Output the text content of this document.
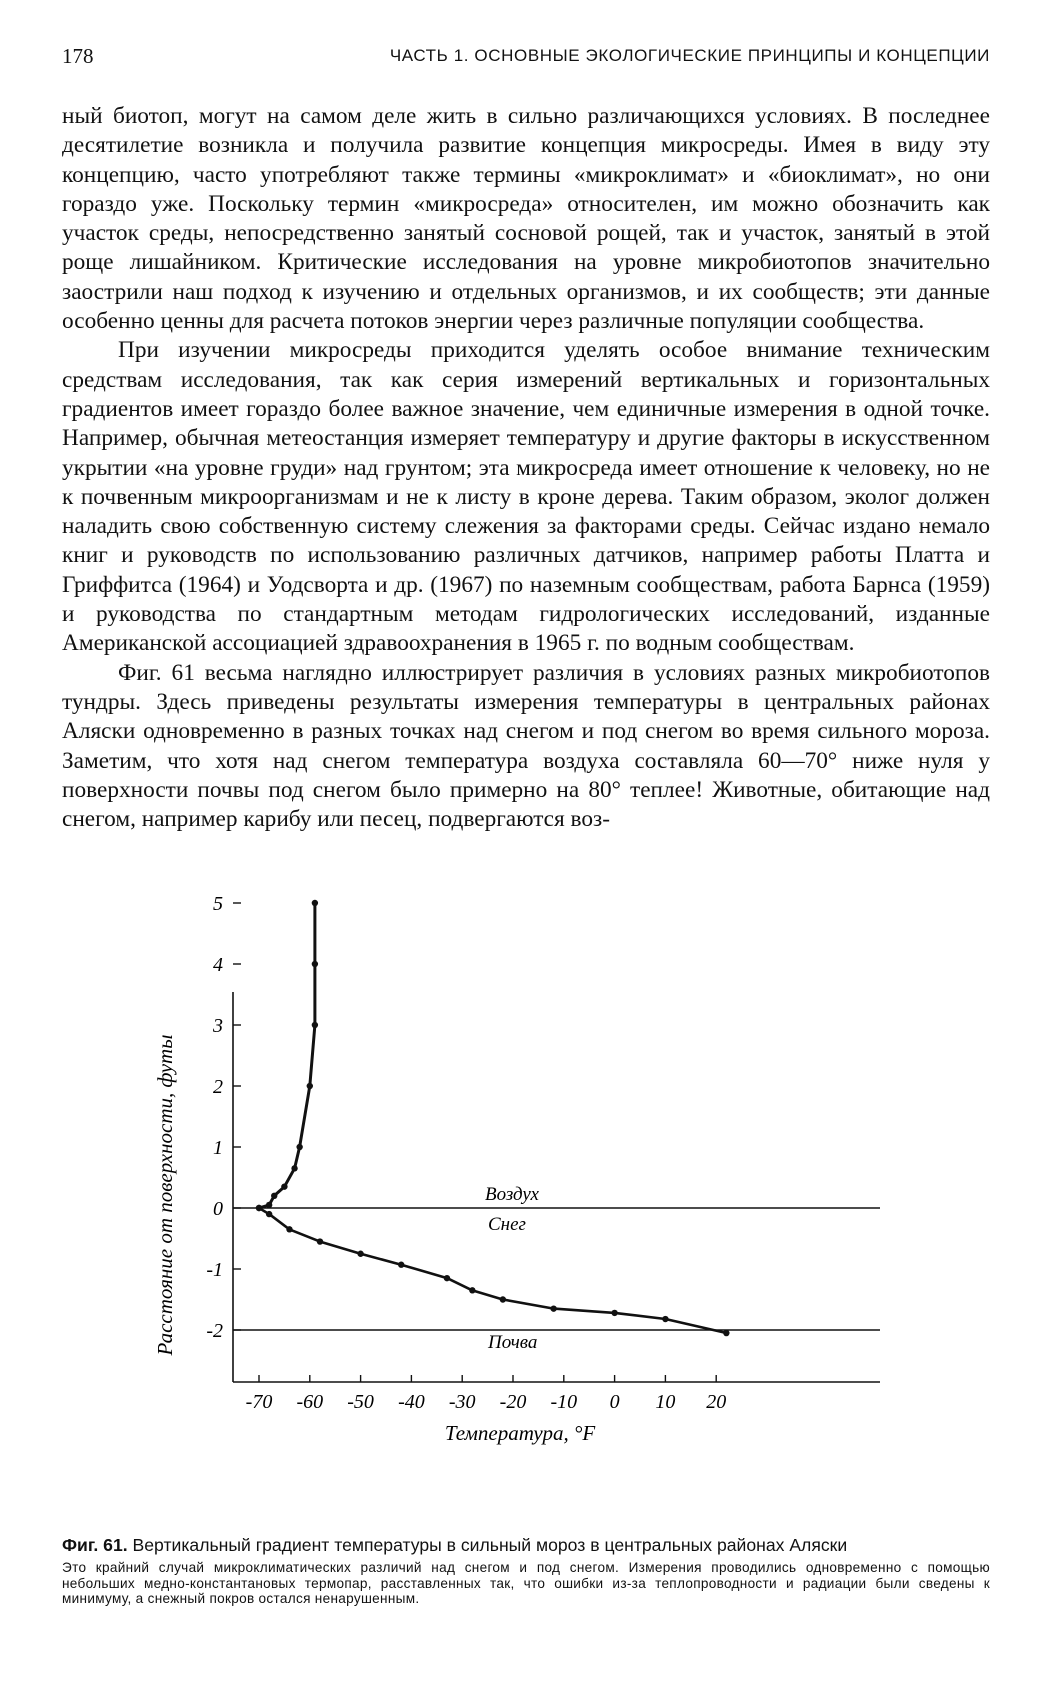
178	ЧАСТЬ 1. ОСНОВНЫЕ ЭКОЛОГИЧЕСКИЕ ПРИНЦИПЫ И КОНЦЕПЦИИ

ный биотоп, могут на самом деле жить в сильно различающихся условиях. В последнее десятилетие возникла и получила развитие концепция микросреды. Имея в виду эту концепцию, часто употребляют также термины «микроклимат» и «биоклимат», но они гораздо уже. Поскольку термин «микросреда» относителен, им можно обозначить как участок среды, непосредственно занятый сосновой рощей, так и участок, занятый в этой роще лишайником. Критические исследования на уровне микробиотопов значительно заострили наш подход к изучению и отдельных организмов, и их сообществ; эти данные особенно ценны для расчета потоков энергии через различные популяции сообщества.

При изучении микросреды приходится уделять особое внимание техническим средствам исследования, так как серия измерений вертикальных и горизонтальных градиентов имеет гораздо более важное значение, чем единичные измерения в одной точке. Например, обычная метеостанция измеряет температуру и другие факторы в искусственном укрытии «на уровне груди» над грунтом; эта микросреда имеет отношение к человеку, но не к почвенным микроорганизмам и не к листу в кроне дерева. Таким образом, эколог должен наладить свою собственную систему слежения за факторами среды. Сейчас издано немало книг и руководств по использованию различных датчиков, например работы Платта и Гриффитса (1964) и Уодсворта и др. (1967) по наземным сообществам, работа Барнса (1959) и руководства по стандартным методам гидрологических исследований, изданные Американской ассоциацией здравоохранения в 1965 г. по водным сообществам.

Фиг. 61 весьма наглядно иллюстрирует различия в условиях разных микробиотопов тундры. Здесь приведены результаты измерения температуры в центральных районах Аляски одновременно в разных точках над снегом и под снегом во время сильного мороза. Заметим, что хотя над снегом температура воздуха составляла 60—70° ниже нуля у поверхности почвы под снегом было примерно на 80° теплее! Животные, обитающие над снегом, например карибу или песец, подвергаются воз-

5
4
3
2
1
0
-1
-2
-70 -60 -50 -40 -30 -20 -10 0 10 20
Расстояние от поверхности, футы
Температура, °F
Воздух
Снег
Почва
Фиг. 61. Вертикальный градиент температуры в сильный мороз в центральных районах Аляски
Это крайний случай микроклиматических различий над снегом и под снегом. Измерения проводились одновременно с помощью небольших медно-константановых термопар, расставленных так, что ошибки из-за теплопроводности и радиации были сведены к минимуму, а снежный покров остался ненарушенным.
